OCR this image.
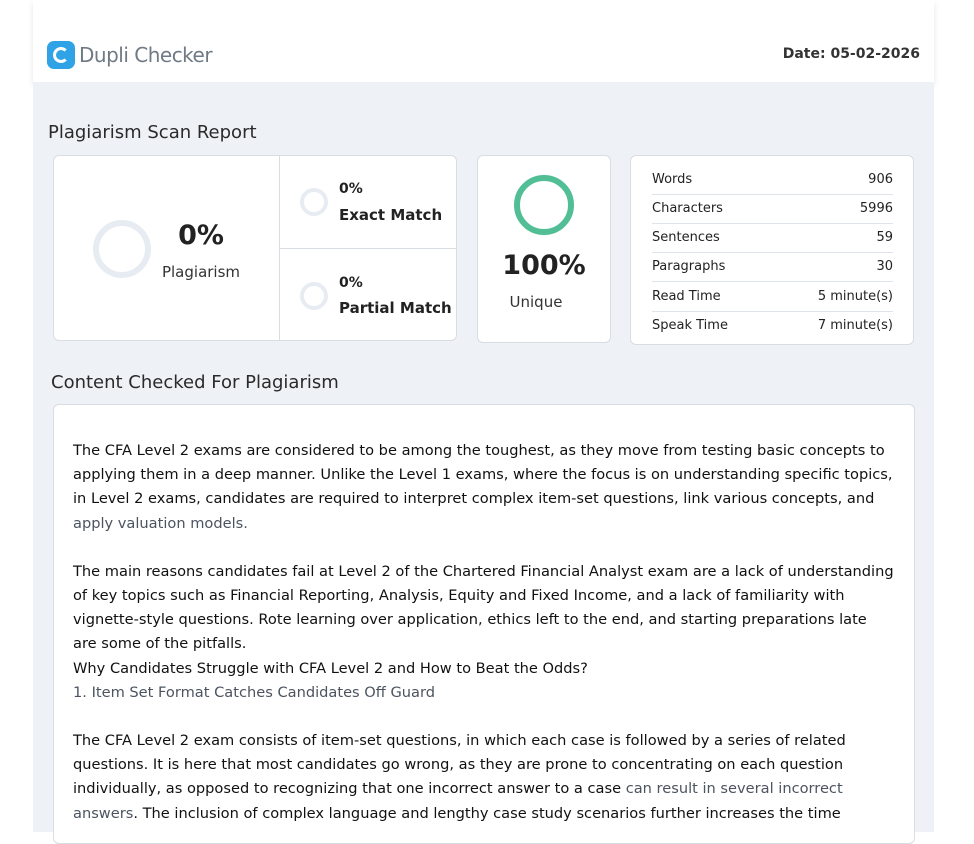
Dupli Checker	Date: 05-02-2026
Plagiarism Scan Report
0%
Plagiarism
0%
Exact Match
0%
Partial Match
100%
Unique
Words	906
Characters	5996
Sentences	59
Paragraphs	30
Read Time	5 minute(s)
Speak Time	7 minute(s)
Content Checked For Plagiarism

The CFA Level 2 exams are considered to be among the toughest, as they move from testing basic concepts to applying them in a deep manner. Unlike the Level 1 exams, where the focus is on understanding specific topics, in Level 2 exams, candidates are required to interpret complex item-set questions, link various concepts, and apply valuation models.

The main reasons candidates fail at Level 2 of the Chartered Financial Analyst exam are a lack of understanding of key topics such as Financial Reporting, Analysis, Equity and Fixed Income, and a lack of familiarity with vignette-style questions. Rote learning over application, ethics left to the end, and starting preparations late are some of the pitfalls.

Why Candidates Struggle with CFA Level 2 and How to Beat the Odds?

1. Item Set Format Catches Candidates Off Guard

The CFA Level 2 exam consists of item-set questions, in which each case is followed by a series of related questions. It is here that most candidates go wrong, as they are prone to concentrating on each question individually, as opposed to recognizing that one incorrect answer to a case can result in several incorrect answers. The inclusion of complex language and lengthy case study scenarios further increases the time
